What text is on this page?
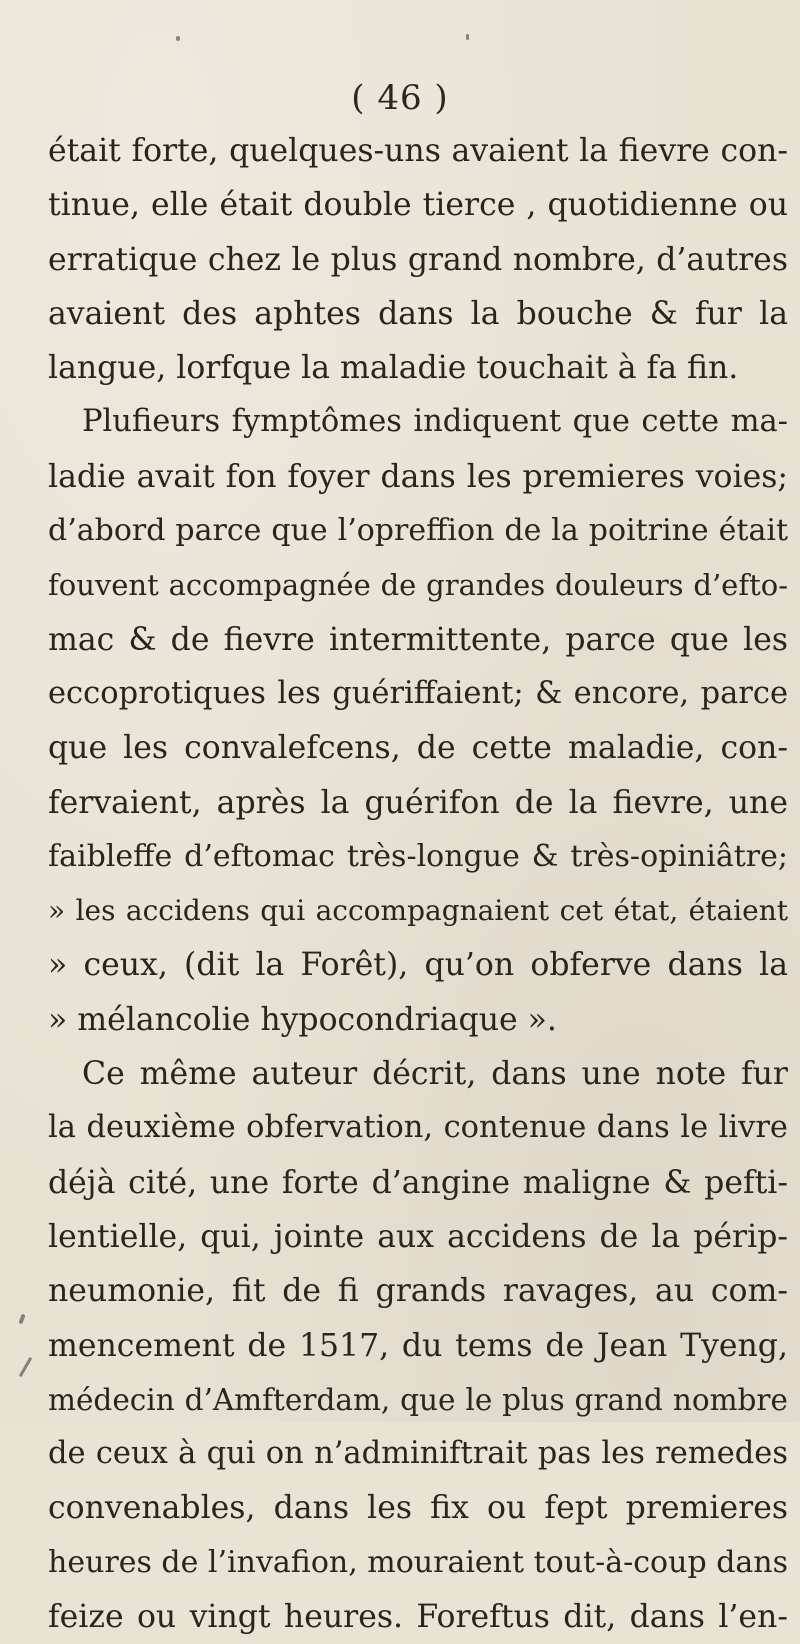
( 46 )
était forte, quelques-uns avaient la fievre con-
tinue, elle était double tierce , quotidienne ou
erratique chez le plus grand nombre, d’autres
avaient des aphtes dans la bouche & fur la
langue, lorfque la maladie touchait à fa fin.
Plufieurs fymptômes indiquent que cette ma-
ladie avait fon foyer dans les premieres voies;
d’abord parce que l’opreffion de la poitrine était
fouvent accompagnée de grandes douleurs d’efto-
mac & de fievre intermittente, parce que les
eccoprotiques les guériffaient; & encore, parce
que les convalefcens, de cette maladie, con-
fervaient, après la guérifon de la fievre, une
faibleffe d’eftomac très-longue & très-opiniâtre;
» les accidens qui accompagnaient cet état, étaient
» ceux, (dit la Forêt), qu’on obferve dans la
» mélancolie hypocondriaque ».
Ce même auteur décrit, dans une note fur
la deuxième obfervation, contenue dans le livre
déjà cité, une forte d’angine maligne & pefti-
lentielle, qui, jointe aux accidens de la périp-
neumonie, fit de fi grands ravages, au com-
mencement de 1517, du tems de Jean Tyeng,
médecin d’Amfterdam, que le plus grand nombre
de ceux à qui on n’adminiftrait pas les remedes
convenables, dans les fix ou fept premieres
heures de l’invafion, mouraient tout-à-coup dans
feize ou vingt heures. Foreftus dit, dans l’en-
